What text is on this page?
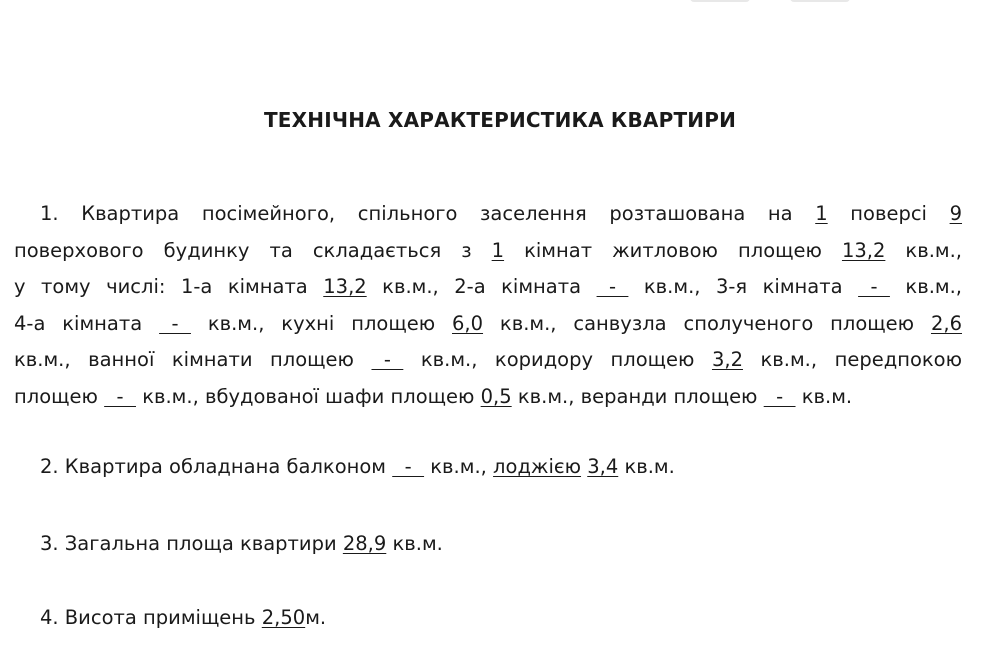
ТЕХНІЧНА ХАРАКТЕРИСТИКА КВАРТИРИ
1. Квартира посімейного, спільного заселення розташована на 1 поверсі 9
поверхового будинку та складається з 1 кімнат житловою площею 13,2 кв.м.,
у тому числі: 1-а кімната 13,2 кв.м., 2-а кімната   -   кв.м., 3-я кімната   -   кв.м.,
4-а кімната   -   кв.м., кухні площею 6,0 кв.м., санвузла сполученого площею 2,6
кв.м., ванної кімнати площею   -   кв.м., коридору площею 3,2 кв.м., передпокою
площею   -   кв.м., вбудованої шафи площею 0,5 кв.м., веранди площею   -   кв.м.
2. Квартира обладнана балконом   -   кв.м., лоджією 3,4 кв.м.
3. Загальна площа квартири 28,9 кв.м.
4. Висота приміщень 2,50м.
